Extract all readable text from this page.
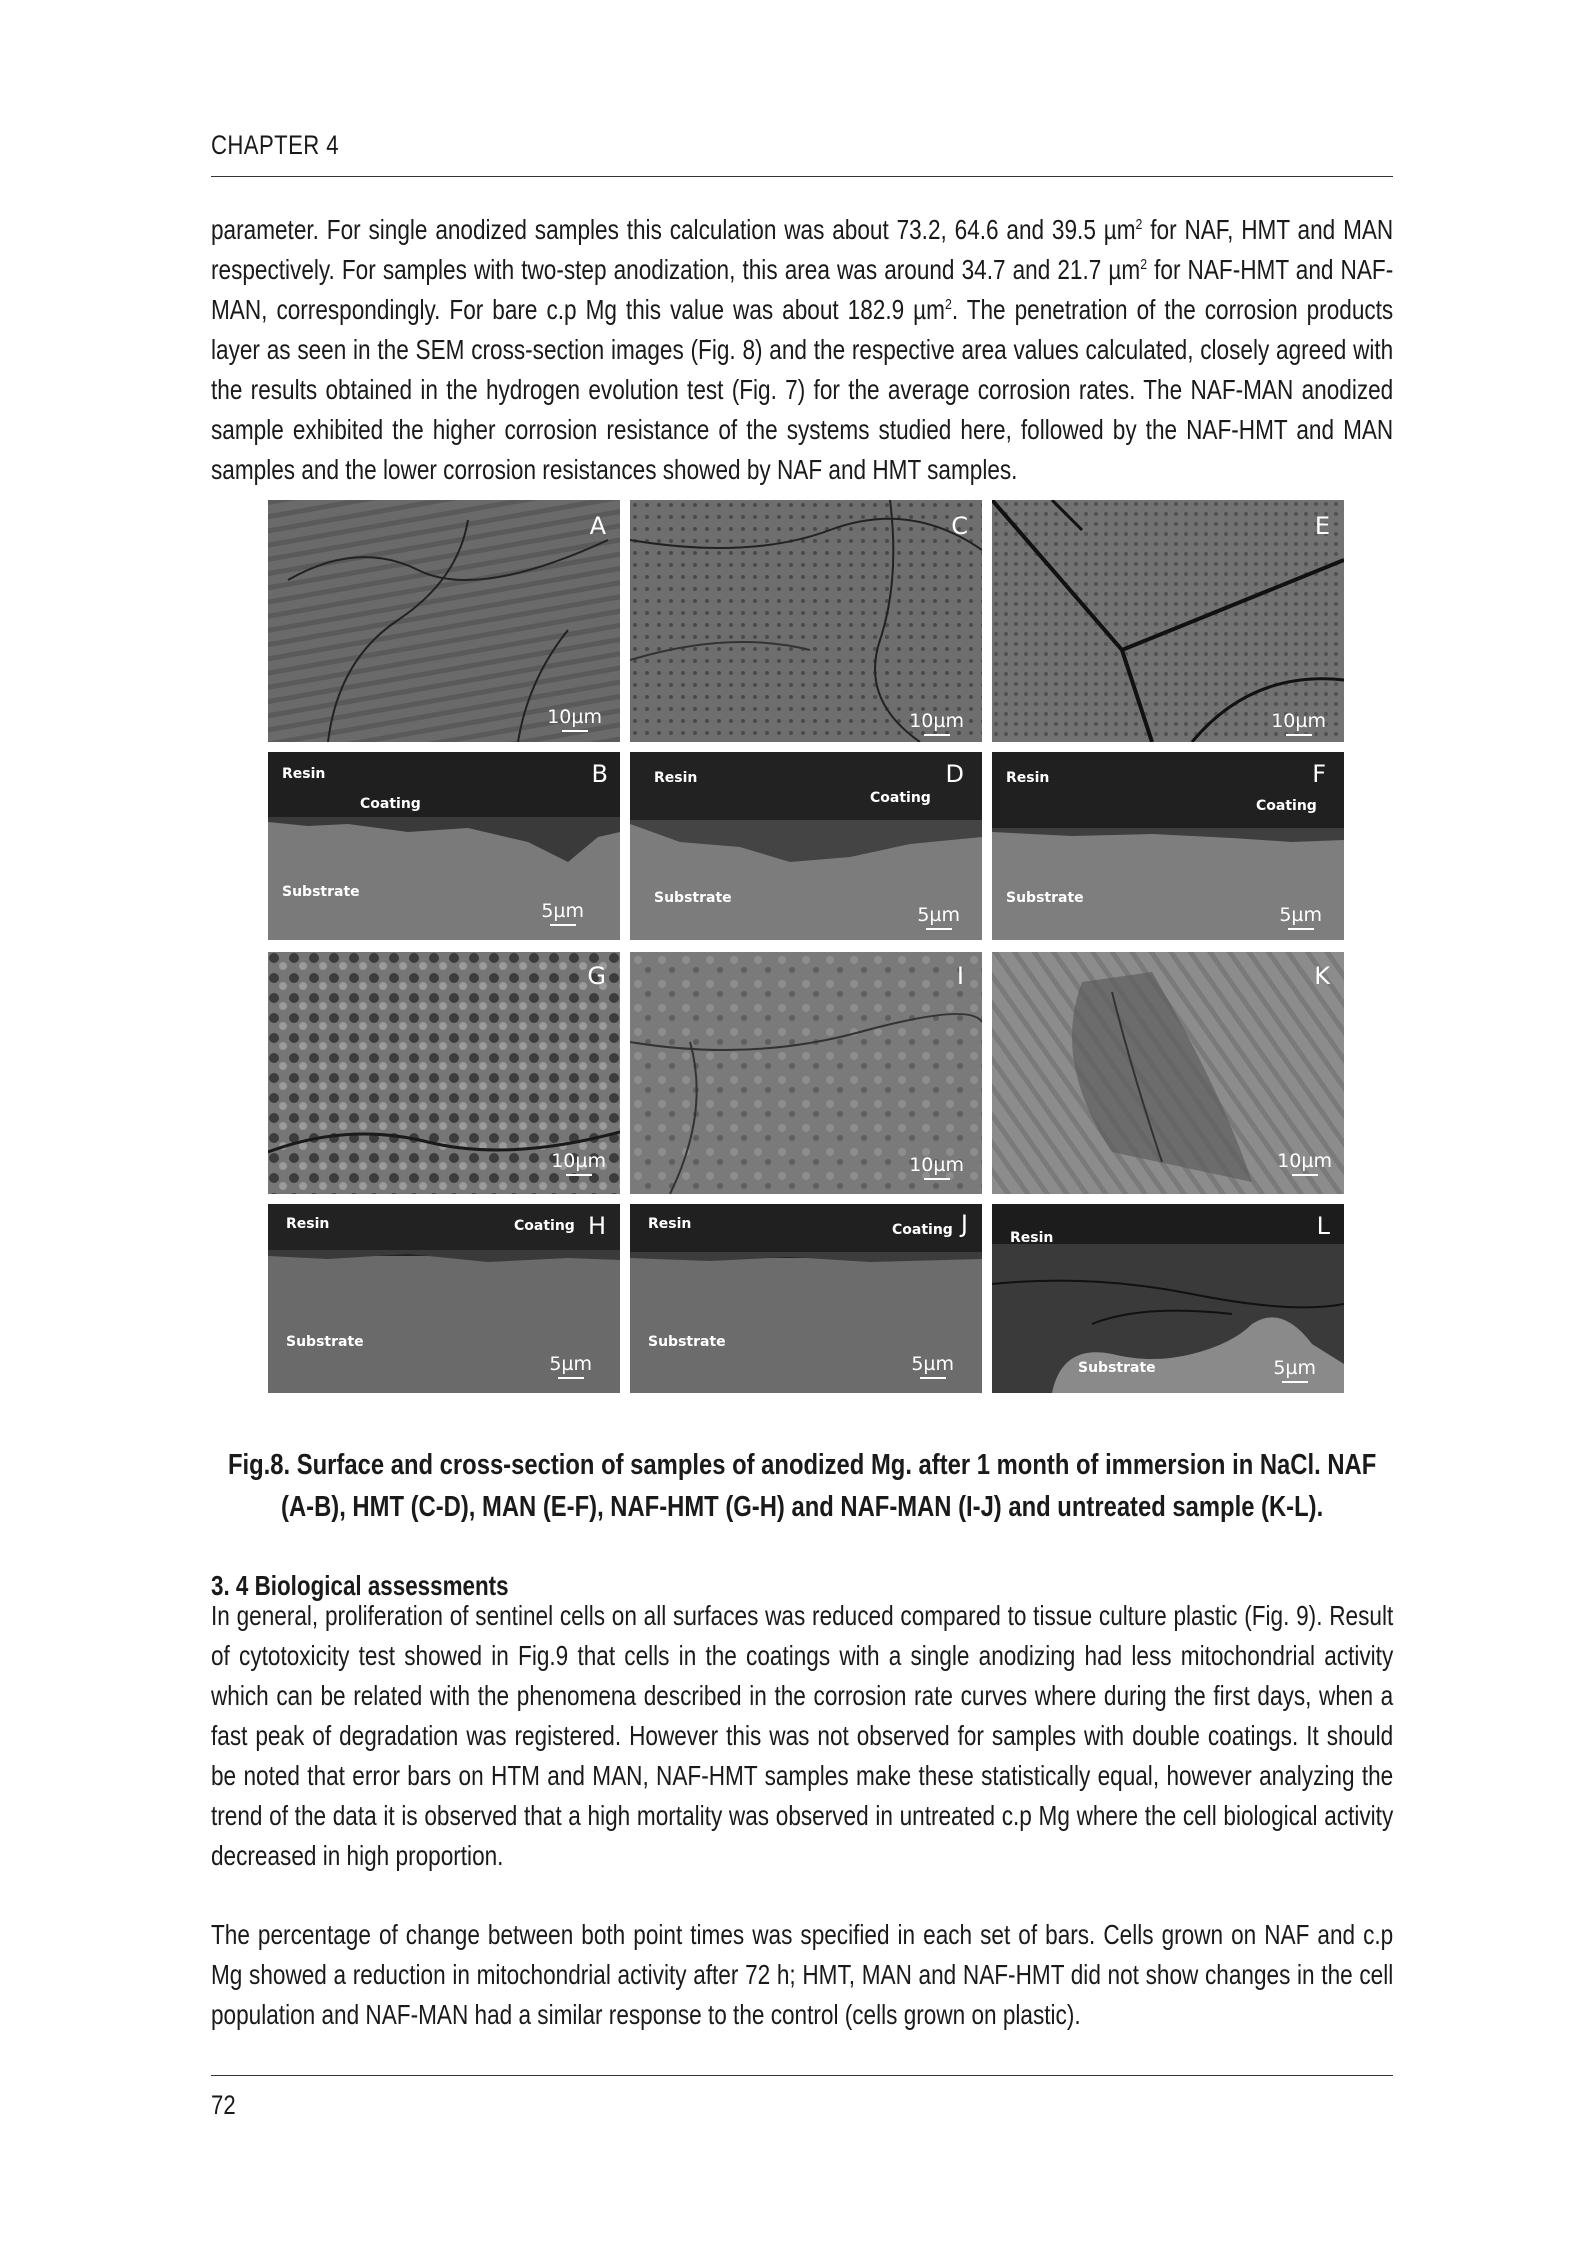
CHAPTER 4

parameter. For single anodized samples this calculation was about 73.2, 64.6 and 39.5 µm$^2$ for NAF, HMT and MAN respectively. For samples with two-step anodization, this area was around 34.7 and 21.7 µm$^2$ for NAF-HMT and NAF-MAN, correspondingly. For bare c.p Mg this value was about 182.9 µm$^2$. The penetration of the corrosion products layer as seen in the SEM cross-section images (Fig. 8) and the respective area values calculated, closely agreed with the results obtained in the hydrogen evolution test (Fig. 7) for the average corrosion rates. The NAF-MAN anodized sample exhibited the higher corrosion resistance of the systems studied here, followed by the NAF-HMT and MAN samples and the lower corrosion resistances showed by NAF and HMT samples.

A
10µm
C
10µm
E
10µm
Resin
Coating
Substrate
B
5µm
Resin
Coating
Substrate
D
5µm
Resin
Coating
Substrate
F
5µm
G
10µm
I
10µm
K
10µm
Resin	Coating
Substrate
H
5µm
Resin	Coating
Substrate
J
5µm
Resin
Substrate
L
5µm
Fig.8. Surface and cross-section of samples of anodized Mg. after 1 month of immersion in NaCl. NAF
(A-B), HMT (C-D), MAN (E-F), NAF-HMT (G-H) and NAF-MAN (I-J) and untreated sample (K-L).
3. 4 Biological assessments

In general, proliferation of sentinel cells on all surfaces was reduced compared to tissue culture plastic (Fig. 9). Result of cytotoxicity test showed in Fig.9 that cells in the coatings with a single anodizing had less mitochondrial activity which can be related with the phenomena described in the corrosion rate curves where during the first days, when a fast peak of degradation was registered. However this was not observed for samples with double coatings. It should be noted that error bars on HTM and MAN, NAF-HMT samples make these statistically equal, however analyzing the trend of the data it is observed that a high mortality was observed in untreated c.p Mg where the cell biological activity decreased in high proportion.

The percentage of change between both point times was specified in each set of bars. Cells grown on NAF and c.p Mg showed a reduction in mitochondrial activity after 72 h; HMT, MAN and NAF-HMT did not show changes in the cell population and NAF-MAN had a similar response to the control (cells grown on plastic).

72
